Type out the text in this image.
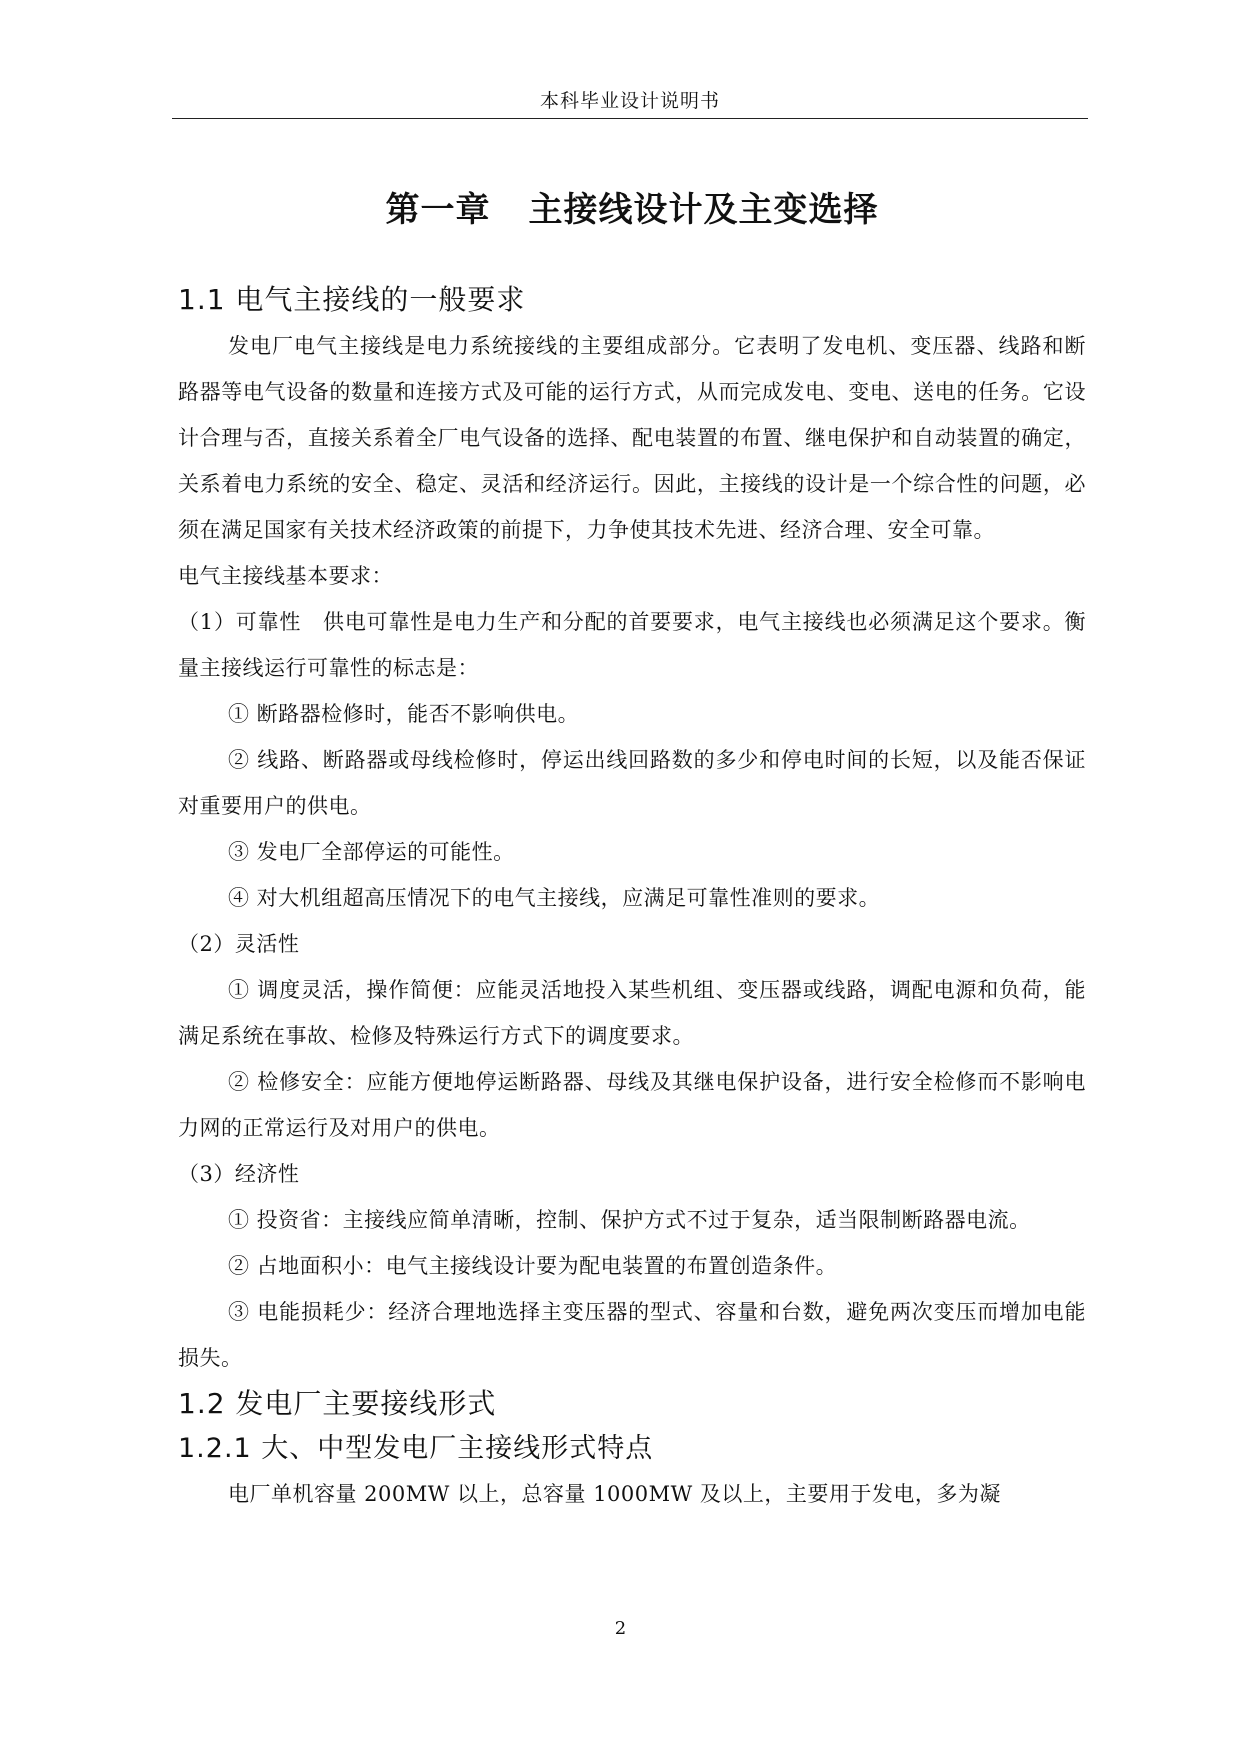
本科毕业设计说明书
第一章 主接线设计及主变选择
1.1 电气主接线的一般要求

发电厂电气主接线是电力系统接线的主要组成部分。它表明了发电机、变压器、线路和断路器等电气设备的数量和连接方式及可能的运行方式，从而完成发电、变电、送电的任务。它设计合理与否，直接关系着全厂电气设备的选择、配电装置的布置、继电保护和自动装置的确定，关系着电力系统的安全、稳定、灵活和经济运行。因此，主接线的设计是一个综合性的问题，必须在满足国家有关技术经济政策的前提下，力争使其技术先进、经济合理、安全可靠。

电气主接线基本要求：

（1）可靠性　供电可靠性是电力生产和分配的首要要求，电气主接线也必须满足这个要求。衡量主接线运行可靠性的标志是：

① 断路器检修时，能否不影响供电。

② 线路、断路器或母线检修时，停运出线回路数的多少和停电时间的长短，以及能否保证对重要用户的供电。

③ 发电厂全部停运的可能性。

④ 对大机组超高压情况下的电气主接线，应满足可靠性准则的要求。

（2）灵活性

① 调度灵活，操作简便：应能灵活地投入某些机组、变压器或线路，调配电源和负荷，能满足系统在事故、检修及特殊运行方式下的调度要求。

② 检修安全：应能方便地停运断路器、母线及其继电保护设备，进行安全检修而不影响电力网的正常运行及对用户的供电。

（3）经济性

① 投资省：主接线应简单清晰，控制、保护方式不过于复杂，适当限制断路器电流。

② 占地面积小：电气主接线设计要为配电装置的布置创造条件。

③ 电能损耗少：经济合理地选择主变压器的型式、容量和台数，避免两次变压而增加电能损失。

1.2 发电厂主要接线形式
1.2.1 大、中型发电厂主接线形式特点

电厂单机容量 200MW 以上，总容量 1000MW 及以上，主要用于发电，多为凝

2
